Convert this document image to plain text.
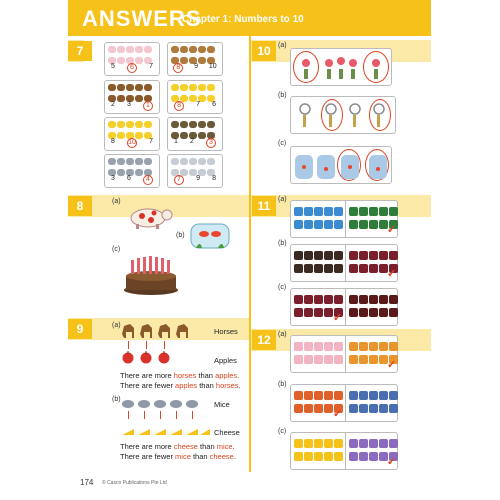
ANSWERS
Chapter 1: Numbers to 10
7
8
9
10
11
12
5	6	7	8	9 10
2 3	1	8	7 6
8 10 7	1 2	3
3 6	4	7	9 8
(a)
(b)
(c)
(a)
Horses
Apples
There are more horses than apples.
There are fewer apples than horses.
(b)
Mice
Cheese
There are more cheese than mice.
There are fewer mice than cheese.
(a)
(b)
(c)
✓
✓
✓
✓
✓
✓
(a)
(b)
(c)
(a)
(b)
(c)
174 © Casco Publications Pte Ltd
